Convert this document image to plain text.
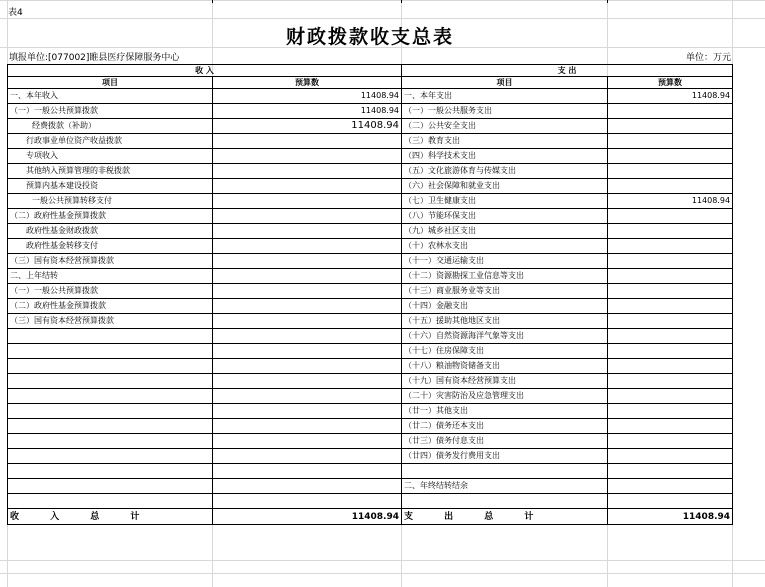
表4
财政拨款收支总表
填报单位:[077002]睢县医疗保障服务中心	单位：万元
收 入		支 出	
项目	预算数	项目	预算数
一、本年收入	11408.94	一、本年支出	11408.94
（一）一般公共预算拨款	11408.94	（一）一般公共服务支出	
经费拨款（补助）	11408.94	（二）公共安全支出	
行政事业单位资产收益拨款		（三）教育支出	
专项收入		（四）科学技术支出	
其他纳入预算管理的非税拨款		（五）文化旅游体育与传媒支出	
预算内基本建设投资		（六）社会保障和就业支出	
一般公共预算转移支付		（七）卫生健康支出	11408.94
（二）政府性基金预算拨款		（八）节能环保支出	
政府性基金财政拨款		（九）城乡社区支出	
政府性基金转移支付		（十）农林水支出	
（三）国有资本经营预算拨款		（十一）交通运输支出	
二、上年结转		（十二）资源勘探工业信息等支出	
（一）一般公共预算拨款		（十三）商业服务业等支出	
（二）政府性基金预算拨款		（十四）金融支出	
（三）国有资本经营预算拨款		（十五）援助其他地区支出	
		（十六）自然资源海洋气象等支出	
		（十七）住房保障支出	
		（十八）粮油物资储备支出	
		（十九）国有资本经营预算支出	
		（二十）灾害防治及应急管理支出	
		（廿一）其他支出	
		（廿二）债务还本支出	
		（廿三）债务付息支出	
		（廿四）债务发行费用支出	

		二、年终结转结余	

收 入 总 计	11408.94	支 出 总 计	11408.94
